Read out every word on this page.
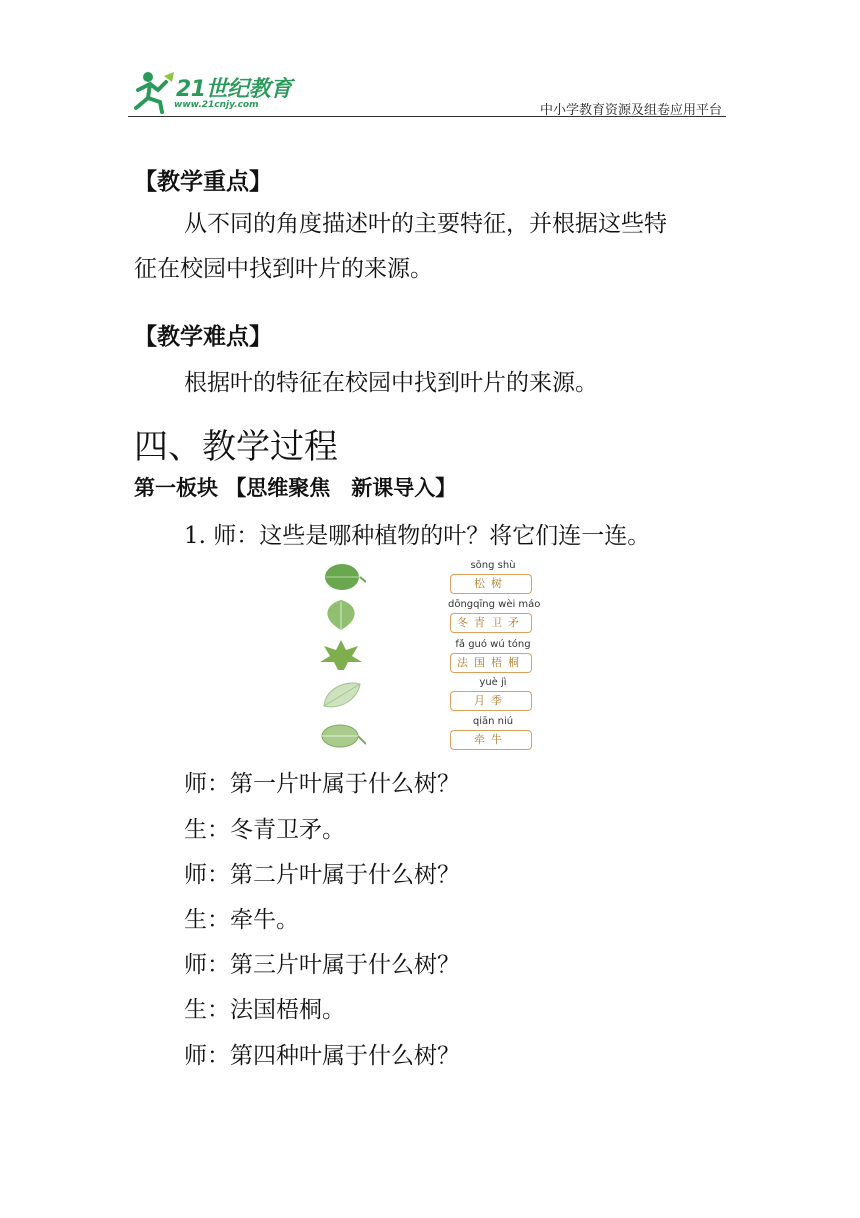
21世纪教育
www.21cnjy.com	中小学教育资源及组卷应用平台
【教学重点】
从不同的角度描述叶的主要特征，并根据这些特
征在校园中找到叶片的来源。
【教学难点】
根据叶的特征在校园中找到叶片的来源。
四、教学过程
第一板块 【思维聚焦　新课导入】
1. 师：这些是哪种植物的叶？将它们连一连。
sōng shù
松树
dōngqīng wèi máo
冬青卫矛
fǎ guó wú tóng
法国梧桐
yuè jì
月季
qiān niú
牵牛
师：第一片叶属于什么树？
生：冬青卫矛。
师：第二片叶属于什么树？
生：牵牛。
师：第三片叶属于什么树？
生：法国梧桐。
师：第四种叶属于什么树？
